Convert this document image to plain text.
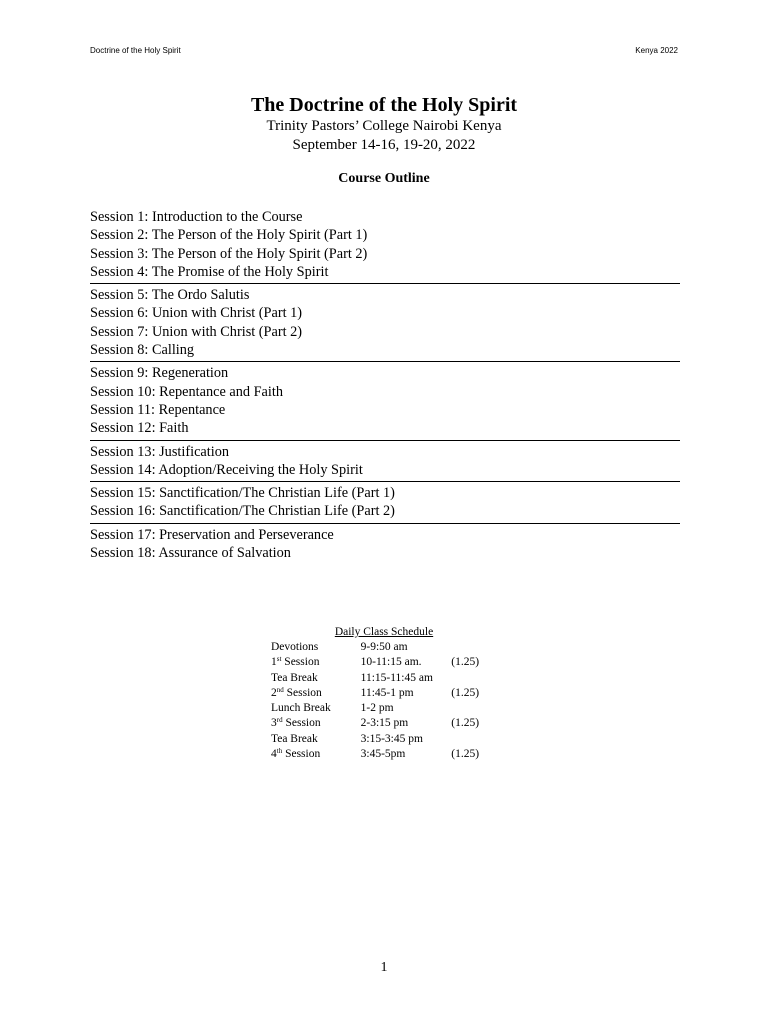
Doctrine of the Holy Spirit	Kenya 2022
The Doctrine of the Holy Spirit
Trinity Pastors’ College Nairobi Kenya
September 14-16, 19-20, 2022
Course Outline
Session 1: Introduction to the Course
Session 2: The Person of the Holy Spirit (Part 1)
Session 3: The Person of the Holy Spirit (Part 2)
Session 4: The Promise of the Holy Spirit
Session 5: The Ordo Salutis
Session 6: Union with Christ (Part 1)
Session 7: Union with Christ (Part 2)
Session 8: Calling
Session 9: Regeneration
Session 10: Repentance and Faith
Session 11: Repentance
Session 12: Faith
Session 13: Justification
Session 14: Adoption/Receiving the Holy Spirit
Session 15: Sanctification/The Christian Life (Part 1)
Session 16: Sanctification/The Christian Life (Part 2)
Session 17: Preservation and Perseverance
Session 18: Assurance of Salvation
Daily Class Schedule
Devotions	9-9:50 am
1st Session	10-11:15 am.	(1.25)
Tea Break	11:15-11:45 am
2nd Session	11:45-1 pm	(1.25)
Lunch Break	1-2 pm
3rd Session	2-3:15 pm	(1.25)
Tea Break	3:15-3:45 pm
4th Session	3:45-5pm	(1.25)
1
